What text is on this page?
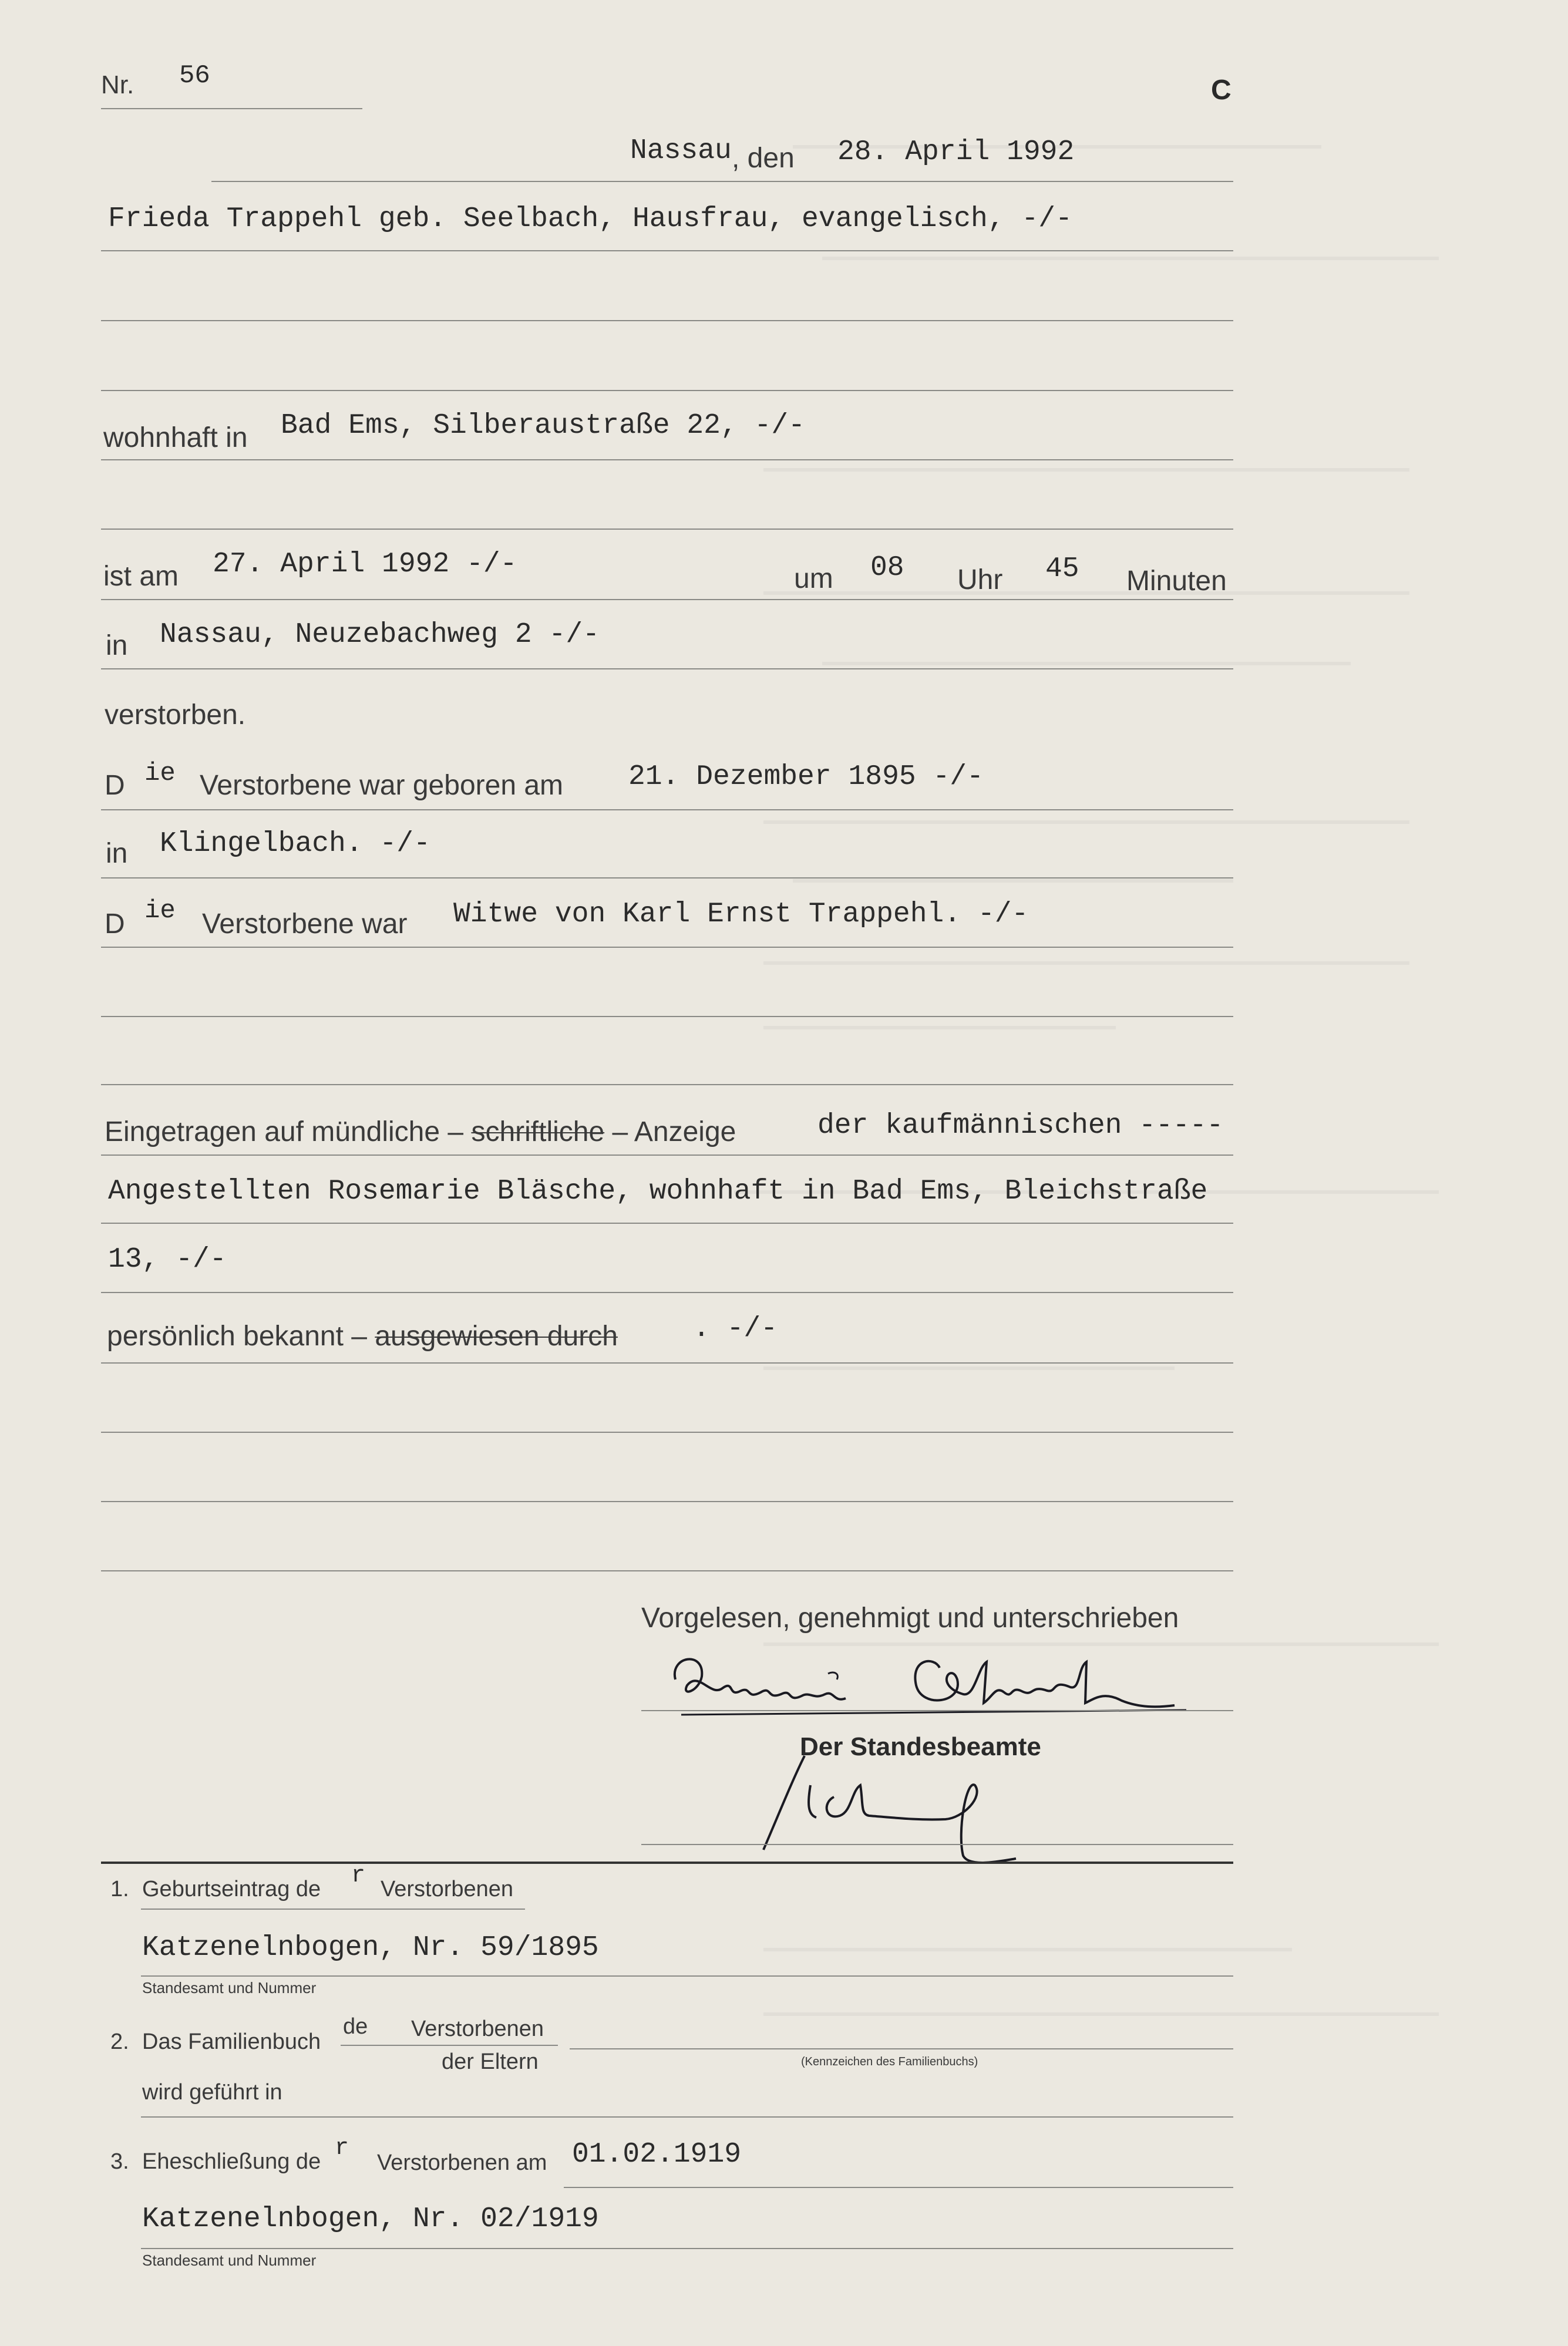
Nr. 56	C
Nassau , den 28. April 1992
Frieda Trappehl geb. Seelbach, Hausfrau, evangelisch, -/-
wohnhaft in Bad Ems, Silberaustraße 22, -/-
ist am 27. April 1992 -/-	um 08 Uhr 45 Minuten
in Nassau, Neuzebachweg 2 -/-
verstorben.
D ie Verstorbene war geboren am 21. Dezember 1895 -/-
in Klingelbach. -/-
D ie Verstorbene war Witwe von Karl Ernst Trappehl. -/-
Eingetragen auf mündliche – schriftliche – Anzeige	der kaufmännischen -----
Angestellten Rosemarie Bläsche, wohnhaft in Bad Ems, Bleichstraße
13, -/-
persönlich bekannt – ausgewiesen durch	. -/-
Vorgelesen, genehmigt und unterschrieben
Der Standesbeamte
1. Geburtseintrag de r Verstorbenen
Katzenelnbogen, Nr. 59/1895
Standesamt und Nummer
2. Das Familienbuch
de Verstorbenen
der Eltern	(Kennzeichen des Familienbuchs)
wird geführt in
3. Eheschließung de r
Verstorbenen am 01.02.1919
Katzenelnbogen, Nr. 02/1919
Standesamt und Nummer
